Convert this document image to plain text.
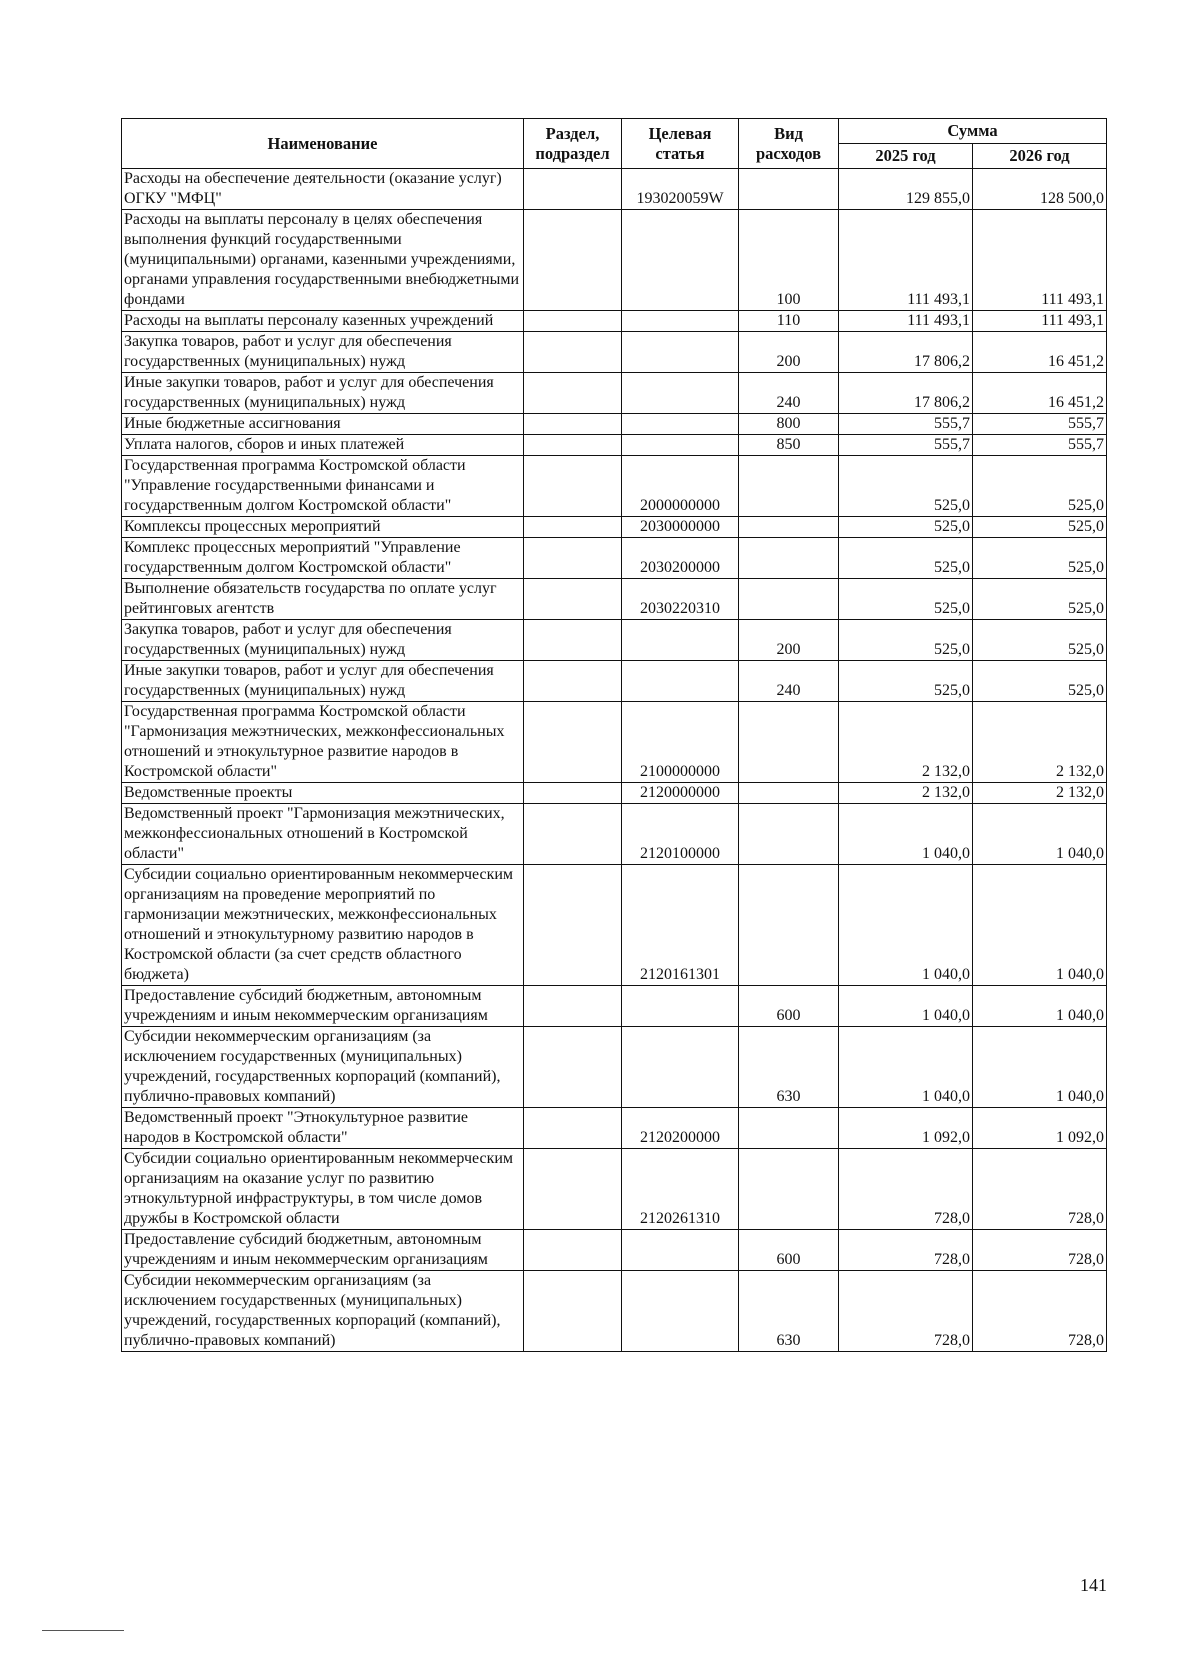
Наименование	Раздел, подраздел	Целевая статья	Вид расходов	Сумма	
				2025 год	2026 год
Расходы на обеспечение деятельности (оказание услуг) ОГКУ "МФЦ"		193020059W		129 855,0	128 500,0
Расходы на выплаты персоналу в целях обеспечения выполнения функций государственными (муниципальными) органами, казенными учреждениями, органами управления государственными внебюджетными фондами			100	111 493,1	111 493,1
Расходы на выплаты персоналу казенных учреждений			110	111 493,1	111 493,1
Закупка товаров, работ и услуг для обеспечения государственных (муниципальных) нужд			200	17 806,2	16 451,2
Иные закупки товаров, работ и услуг для обеспечения государственных (муниципальных) нужд			240	17 806,2	16 451,2
Иные бюджетные ассигнования			800	555,7	555,7
Уплата налогов, сборов и иных платежей			850	555,7	555,7
Государственная программа Костромской области "Управление государственными финансами и государственным долгом Костромской области"		2000000000		525,0	525,0
Комплексы процессных мероприятий		2030000000		525,0	525,0
Комплекс процессных мероприятий "Управление государственным долгом Костромской области"		2030200000		525,0	525,0
Выполнение обязательств государства по оплате услуг рейтинговых агентств		2030220310		525,0	525,0
Закупка товаров, работ и услуг для обеспечения государственных (муниципальных) нужд			200	525,0	525,0
Иные закупки товаров, работ и услуг для обеспечения государственных (муниципальных) нужд			240	525,0	525,0
Государственная программа Костромской области "Гармонизация межэтнических, межконфессиональных отношений и этнокультурное развитие народов в Костромской области"		2100000000		2 132,0	2 132,0
Ведомственные проекты		2120000000		2 132,0	2 132,0
Ведомственный проект "Гармонизация межэтнических, межконфессиональных отношений в Костромской области"		2120100000		1 040,0	1 040,0
Субсидии социально ориентированным некоммерческим организациям на проведение мероприятий по гармонизации межэтнических, межконфессиональных отношений и этнокультурному развитию народов в Костромской области (за счет средств областного бюджета)		2120161301		1 040,0	1 040,0
Предоставление субсидий бюджетным, автономным учреждениям и иным некоммерческим организациям			600	1 040,0	1 040,0
Субсидии некоммерческим организациям (за исключением государственных (муниципальных) учреждений, государственных корпораций (компаний), публично-правовых компаний)			630	1 040,0	1 040,0
Ведомственный проект "Этнокультурное развитие народов в Костромской области"		2120200000		1 092,0	1 092,0
Субсидии социально ориентированным некоммерческим организациям на оказание услуг по развитию этнокультурной инфраструктуры, в том числе домов дружбы в Костромской области		2120261310		728,0	728,0
Предоставление субсидий бюджетным, автономным учреждениям и иным некоммерческим организациям			600	728,0	728,0
Субсидии некоммерческим организациям (за исключением государственных (муниципальных) учреждений, государственных корпораций (компаний), публично-правовых компаний)			630	728,0	728,0
141
